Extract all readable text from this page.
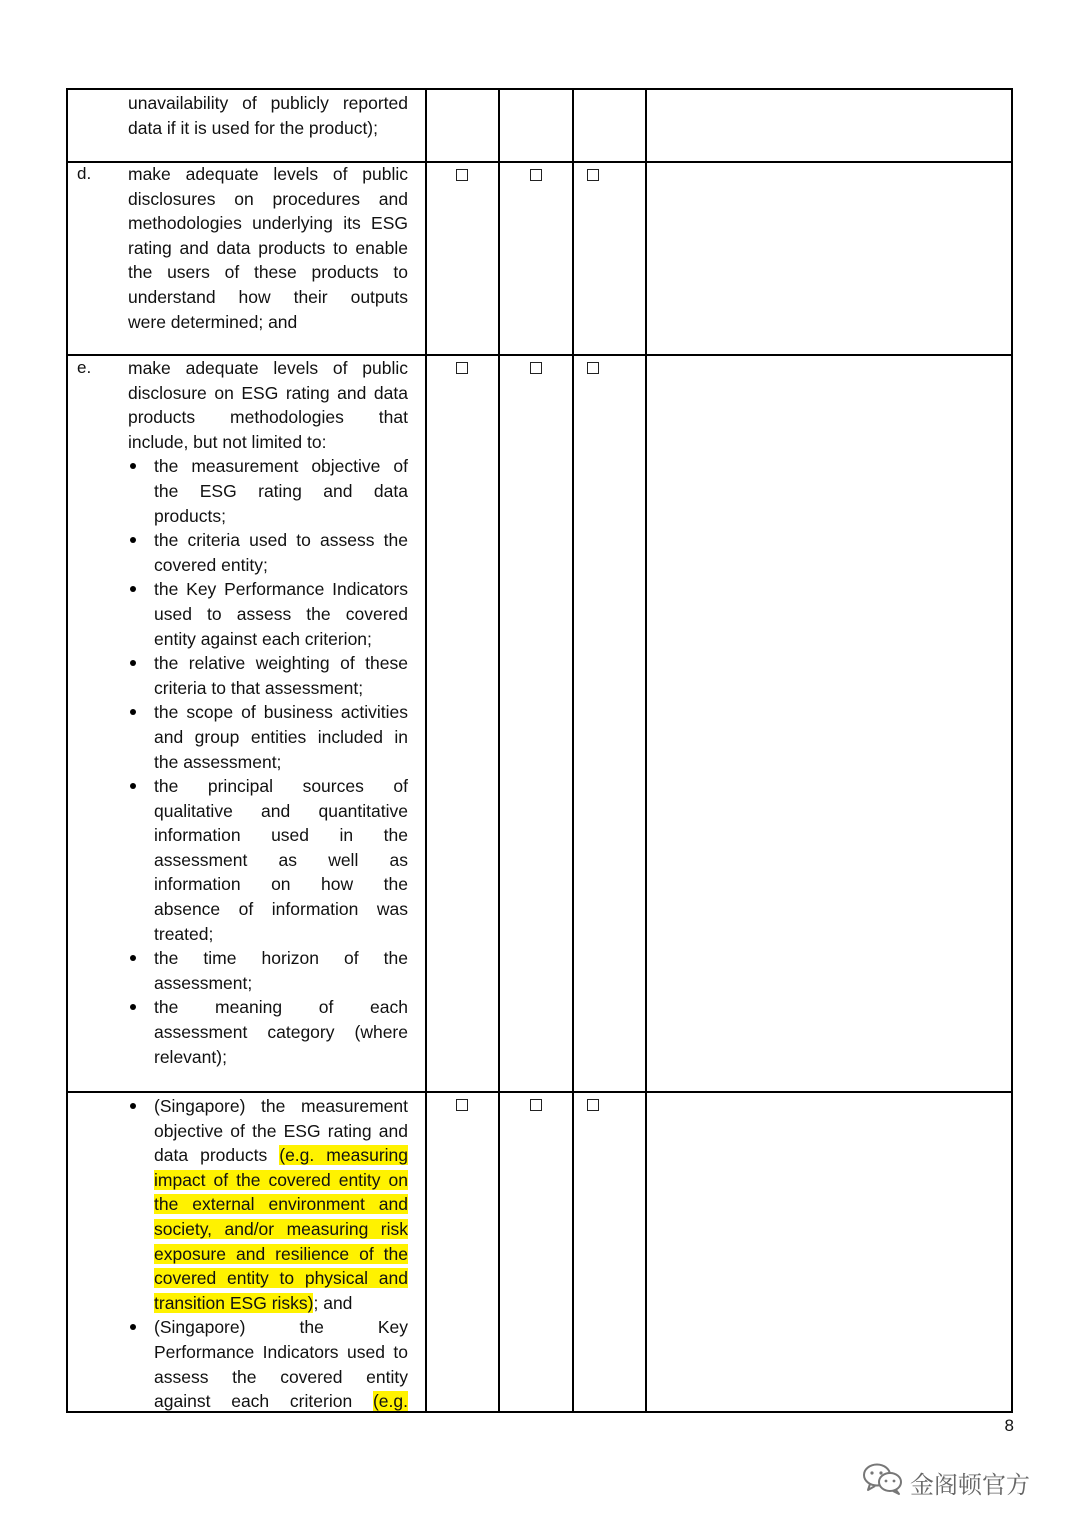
unavailability of publicly reported

data if it is used for the product);

d. make adequate levels of public

disclosures on procedures and

methodologies underlying its ESG

rating and data products to enable

the users of these products to

understand how their outputs

were determined; and

e. make adequate levels of public

disclosure on ESG rating and data

products methodologies that

include, but not limited to:

the measurement objective of

the ESG rating and data

products;

the criteria used to assess the

covered entity;

the Key Performance Indicators

used to assess the covered

entity against each criterion;

the relative weighting of these

criteria to that assessment;

the scope of business activities

and group entities included in

the assessment;

the principal sources of

qualitative and quantitative

information used in the

assessment as well as

information on how the

absence of information was

treated;

the time horizon of the

assessment;

the meaning of each

assessment category (where

relevant);

(Singapore) the measurement

objective of the ESG rating and

data products (e.g. measuring

impact of the covered entity on

the external environment and

society, and/or measuring risk

exposure and resilience of the

covered entity to physical and

transition ESG risks); and

(Singapore) the Key

Performance Indicators used to

assess the covered entity

against each criterion (e.g.

8
金阁顿官方
